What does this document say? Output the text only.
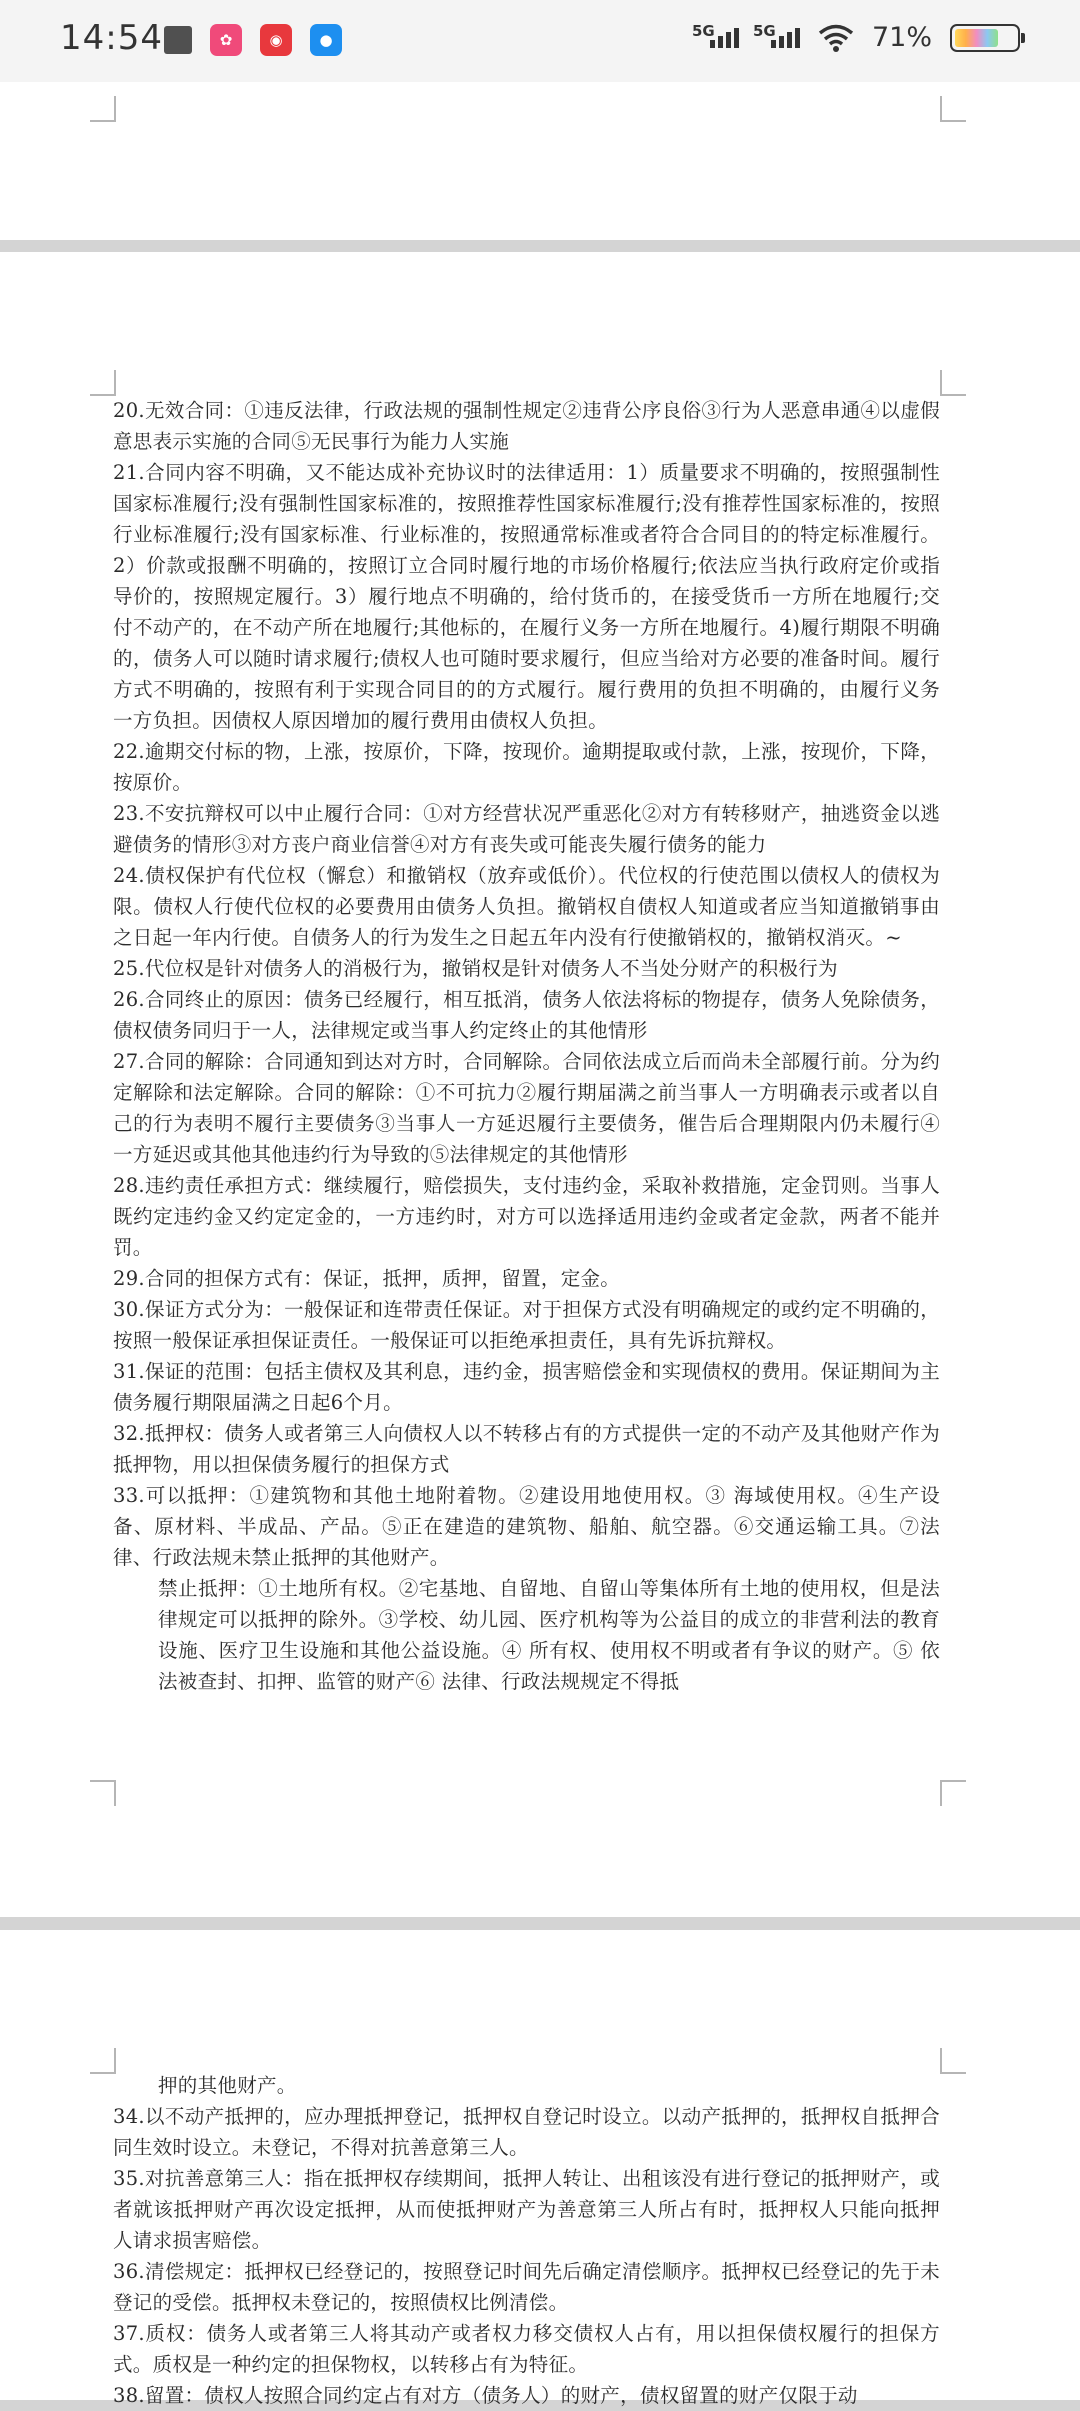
14:54	✿	◉	●
5G	5G	71%

20.无效合同：①违反法律，行政法规的强制性规定②违背公序良俗③行为人恶意串通④以虚假意思表示实施的合同⑤无民事行为能力人实施

21.合同内容不明确，又不能达成补充协议时的法律适用：1）质量要求不明确的，按照强制性国家标准履行;没有强制性国家标准的，按照推荐性国家标准履行;没有推荐性国家标准的，按照行业标准履行;没有国家标准、行业标准的，按照通常标准或者符合合同目的的特定标准履行。2）价款或报酬不明确的，按照订立合同时履行地的市场价格履行;依法应当执行政府定价或指导价的，按照规定履行。3）履行地点不明确的，给付货币的，在接受货币一方所在地履行;交付不动产的，在不动产所在地履行;其他标的，在履行义务一方所在地履行。4)履行期限不明确的，债务人可以随时请求履行;债权人也可随时要求履行，但应当给对方必要的准备时间。履行方式不明确的，按照有利于实现合同目的的方式履行。履行费用的负担不明确的，由履行义务一方负担。因债权人原因增加的履行费用由债权人负担。

22.逾期交付标的物，上涨，按原价，下降，按现价。逾期提取或付款，上涨，按现价，下降，按原价。

23.不安抗辩权可以中止履行合同：①对方经营状况严重恶化②对方有转移财产，抽逃资金以逃避债务的情形③对方丧户商业信誉④对方有丧失或可能丧失履行债务的能力

24.债权保护有代位权（懈怠）和撤销权（放弃或低价）。代位权的行使范围以债权人的债权为限。债权人行使代位权的必要费用由债务人负担。撤销权自债权人知道或者应当知道撤销事由之日起一年内行使。自债务人的行为发生之日起五年内没有行使撤销权的，撤销权消灭。~

25.代位权是针对债务人的消极行为，撤销权是针对债务人不当处分财产的积极行为

26.合同终止的原因：债务已经履行，相互抵消，债务人依法将标的物提存，债务人免除债务，债权债务同归于一人，法律规定或当事人约定终止的其他情形

27.合同的解除：合同通知到达对方时，合同解除。合同依法成立后而尚未全部履行前。分为约定解除和法定解除。合同的解除：①不可抗力②履行期届满之前当事人一方明确表示或者以自己的行为表明不履行主要债务③当事人一方延迟履行主要债务，催告后合理期限内仍未履行④一方延迟或其他其他违约行为导致的⑤法律规定的其他情形

28.违约责任承担方式：继续履行，赔偿损失，支付违约金，采取补救措施，定金罚则。当事人既约定违约金又约定定金的，一方违约时，对方可以选择适用违约金或者定金款，两者不能并罚。

29.合同的担保方式有：保证，抵押，质押，留置，定金。

30.保证方式分为：一般保证和连带责任保证。对于担保方式没有明确规定的或约定不明确的，按照一般保证承担保证责任。一般保证可以拒绝承担责任，具有先诉抗辩权。

31.保证的范围：包括主债权及其利息，违约金，损害赔偿金和实现债权的费用。保证期间为主债务履行期限届满之日起6个月。

32.抵押权：债务人或者第三人向债权人以不转移占有的方式提供一定的不动产及其他财产作为抵押物，用以担保债务履行的担保方式

33.可以抵押：①建筑物和其他土地附着物。②建设用地使用权。③ 海域使用权。④生产设备、原材料、半成品、产品。⑤正在建造的建筑物、船舶、航空器。⑥交通运输工具。⑦法律、行政法规未禁止抵押的其他财产。

禁止抵押：①土地所有权。②宅基地、自留地、自留山等集体所有土地的使用权，但是法律规定可以抵押的除外。③学校、幼儿园、医疗机构等为公益目的成立的非营利法的教育设施、医疗卫生设施和其他公益设施。④ 所有权、使用权不明或者有争议的财产。⑤ 依法被查封、扣押、监管的财产⑥ 法律、行政法规规定不得抵

押的其他财产。

34.以不动产抵押的，应办理抵押登记，抵押权自登记时设立。以动产抵押的，抵押权自抵押合同生效时设立。未登记，不得对抗善意第三人。

35.对抗善意第三人：指在抵押权存续期间，抵押人转让、出租该没有进行登记的抵押财产，或者就该抵押财产再次设定抵押，从而使抵押财产为善意第三人所占有时，抵押权人只能向抵押人请求损害赔偿。

36.清偿规定：抵押权已经登记的，按照登记时间先后确定清偿顺序。抵押权已经登记的先于未登记的受偿。抵押权未登记的，按照债权比例清偿。

37.质权：债务人或者第三人将其动产或者权力移交债权人占有，用以担保债权履行的担保方式。质权是一种约定的担保物权，以转移占有为特征。

38.留置：债权人按照合同约定占有对方（债务人）的财产，债权留置的财产仅限于动
